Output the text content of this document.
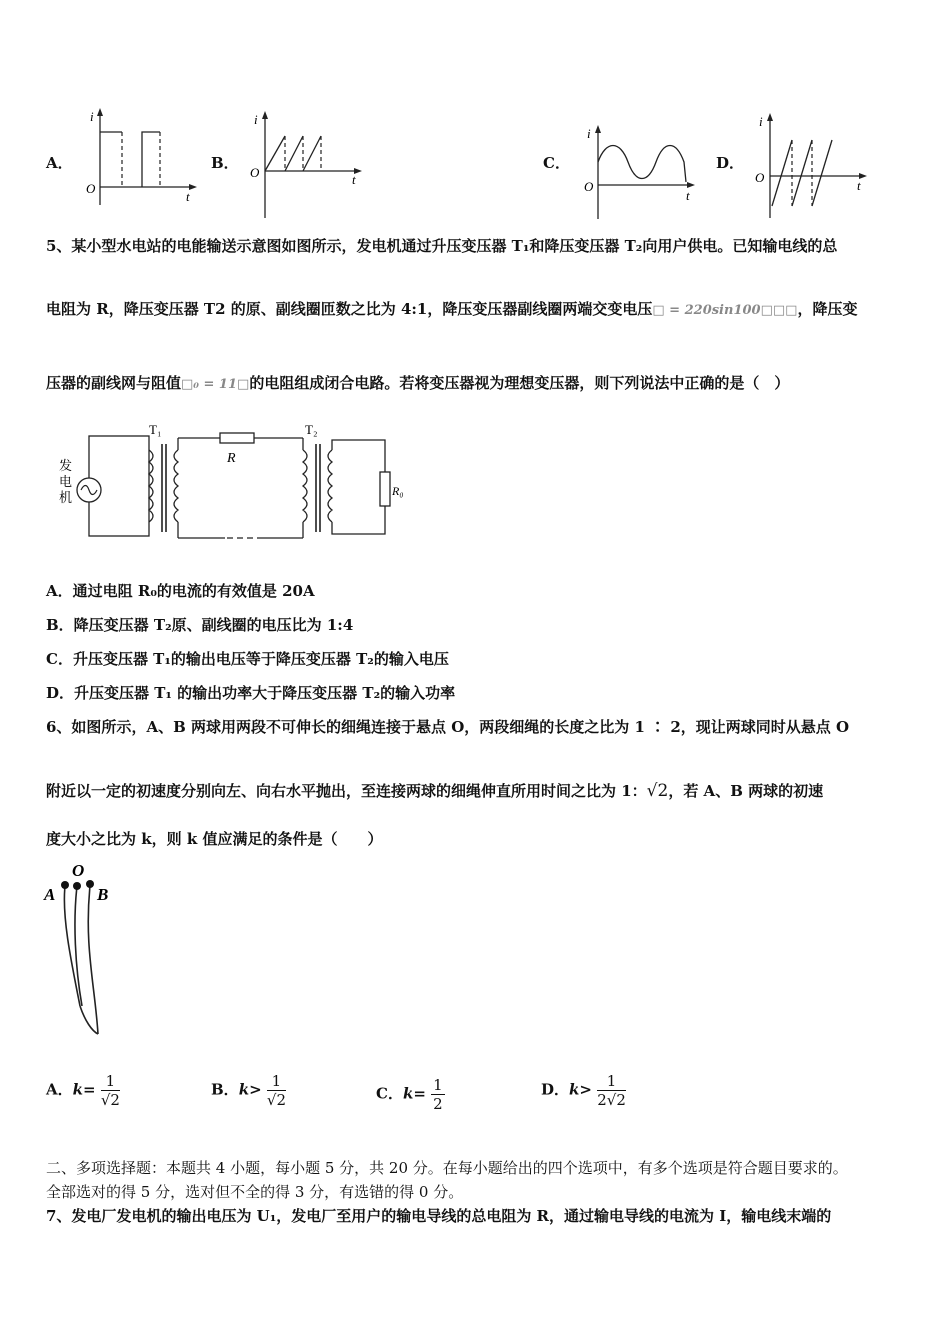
A．
i
O
t
B．
i
O	t
C．
i
O
t
D．
i
O
t
5、某小型水电站的电能输送示意图如图所示，发电机通过升压变压器 T₁和降压变压器 T₂向用户供电。已知输电线的总
电阻为 R，降压变压器 T2 的原、副线圈匝数之比为 4:1，降压变压器副线圈两端交变电压□ = 220sin100□□□，降压变
压器的副线网与阻值□₀ = 11□的电阻组成闭合电路。若将变压器视为理想变压器，则下列说法中正确的是（　）
发
电
机
T₁
R
T₂
R₀
A．通过电阻 R₀的电流的有效值是 20A
B．降压变压器 T₂原、副线圈的电压比为 1:4
C．升压变压器 T₁的输出电压等于降压变压器 T₂的输入电压
D．升压变压器 T₁ 的输出功率大于降压变压器 T₂的输入功率
6、如图所示，A、B 两球用两段不可伸长的细绳连接于悬点 O，两段细绳的长度之比为 1 ∶ 2，现让两球同时从悬点 O
附近以一定的初速度分别向左、向右水平抛出，至连接两球的细绳伸直所用时间之比为 1：√2，若 A、B 两球的初速
度大小之比为 k，则 k 值应满足的条件是（　　）
O
A B
A．$k= \frac{1}{√2}$	B．$k> \frac{1}{√2}$	C．$k= \frac{1}{2}$	D．$k> \frac{1}{2√2}$
二、多项选择题：本题共 4 小题，每小题 5 分，共 20 分。在每小题给出的四个选项中，有多个选项是符合题目要求的。
全部选对的得 5 分，选对但不全的得 3 分，有选错的得 0 分。
7、发电厂发电机的输出电压为 U₁，发电厂至用户的输电导线的总电阻为 R，通过输电导线的电流为 I，输电线末端的
